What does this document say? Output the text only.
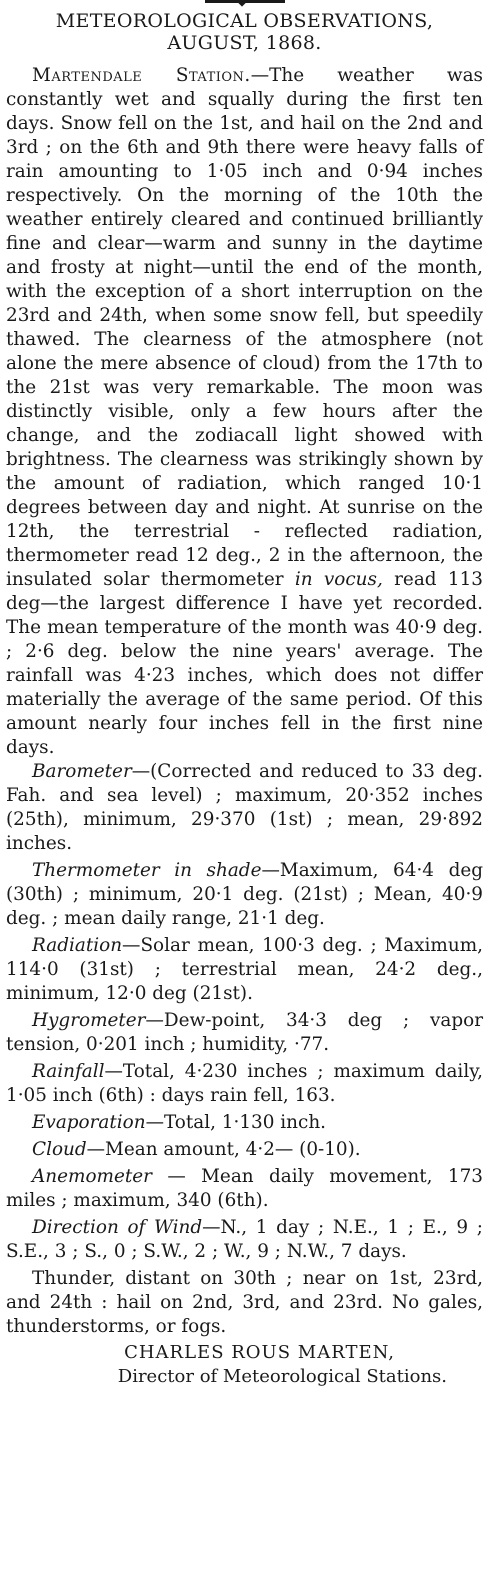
METEOROLOGICAL OBSERVATIONS,
AUGUST, 1868.

Martendale Station.—The weather was constantly wet and squally during the first ten days. Snow fell on the 1st, and hail on the 2nd and 3rd ; on the 6th and 9th there were heavy falls of rain amounting to 1·05 inch and 0·94 inches respectively. On the morning of the 10th the weather entirely cleared and continued brilliantly fine and clear—warm and sunny in the daytime and frosty at night—until the end of the month, with the exception of a short interruption on the 23rd and 24th, when some snow fell, but speedily thawed. The clearness of the atmosphere (not alone the mere absence of cloud) from the 17th to the 21st was very remarkable. The moon was distinctly visible, only a few hours after the change, and the zodiacall light showed with brightness. The clearness was strikingly shown by the amount of radiation, which ranged 10·1 degrees between day and night. At sunrise on the 12th, the terrestrial - reflected radiation, thermometer read 12 deg., 2 in the afternoon, the insulated solar thermometer in vocus, read 113 deg—the largest difference I have yet recorded. The mean temperature of the month was 40·9 deg. ; 2·6 deg. below the nine years' average. The rainfall was 4·23 inches, which does not differ materially the average of the same period. Of this amount nearly four inches fell in the first nine days.

Barometer—(Corrected and reduced to 33 deg. Fah. and sea level) ; maximum, 20·352 inches (25th), minimum, 29·370 (1st) ; mean, 29·892 inches.

Thermometer in shade—Maximum, 64·4 deg (30th) ; minimum, 20·1 deg. (21st) ; Mean, 40·9 deg. ; mean daily range, 21·1 deg.

Radiation—Solar mean, 100·3 deg. ; Maximum, 114·0 (31st) ; terrestrial mean, 24·2 deg., minimum, 12·0 deg (21st).

Hygrometer—Dew-point, 34·3 deg ; vapor tension, 0·201 inch ; humidity, ·77.

Rainfall—Total, 4·230 inches ; maximum daily, 1·05 inch (6th) : days rain fell, 163.

Evaporation—Total, 1·130 inch.

Cloud—Mean amount, 4·2— (0-10).

Anemometer — Mean daily movement, 173 miles ; maximum, 340 (6th).

Direction of Wind—N., 1 day ; N.E., 1 ; E., 9 ; S.E., 3 ; S., 0 ; S.W., 2 ; W., 9 ; N.W., 7 days.

Thunder, distant on 30th ; near on 1st, 23rd, and 24th : hail on 2nd, 3rd, and 23rd. No gales, thunderstorms, or fogs.

CHARLES ROUS MARTEN,

Director of Meteorological Stations.
